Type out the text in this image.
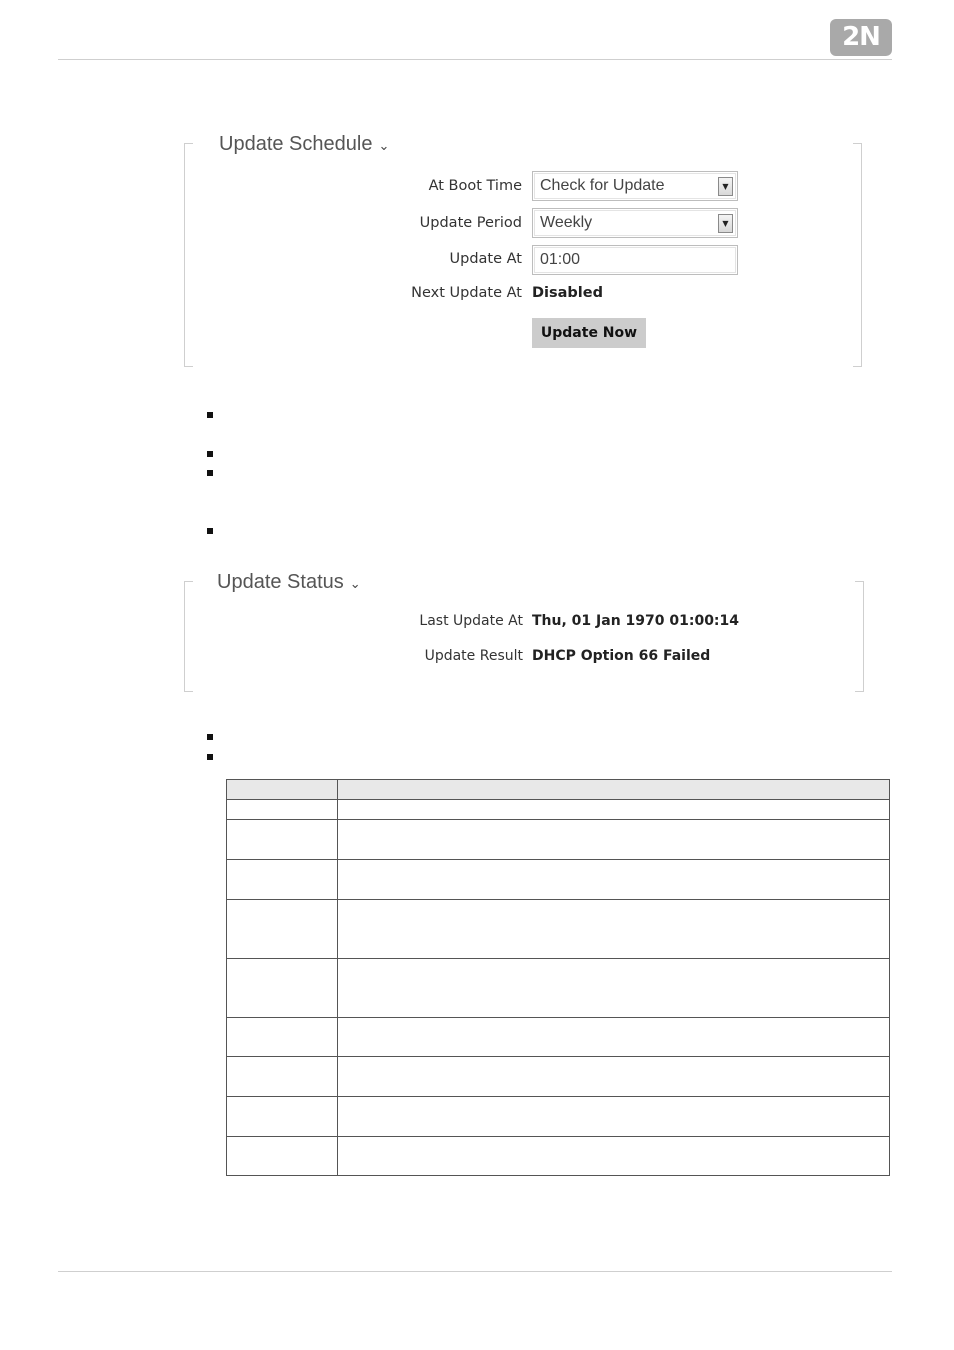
2N
Update Schedule ⌄
At Boot Time Check for Update	▼
Update Period Weekly	▼
Update At 01:00
Next Update At Disabled
Update Now
Update Status ⌄
Last Update At Thu, 01 Jan 1970 01:00:14
Update Result DHCP Option 66 Failed
